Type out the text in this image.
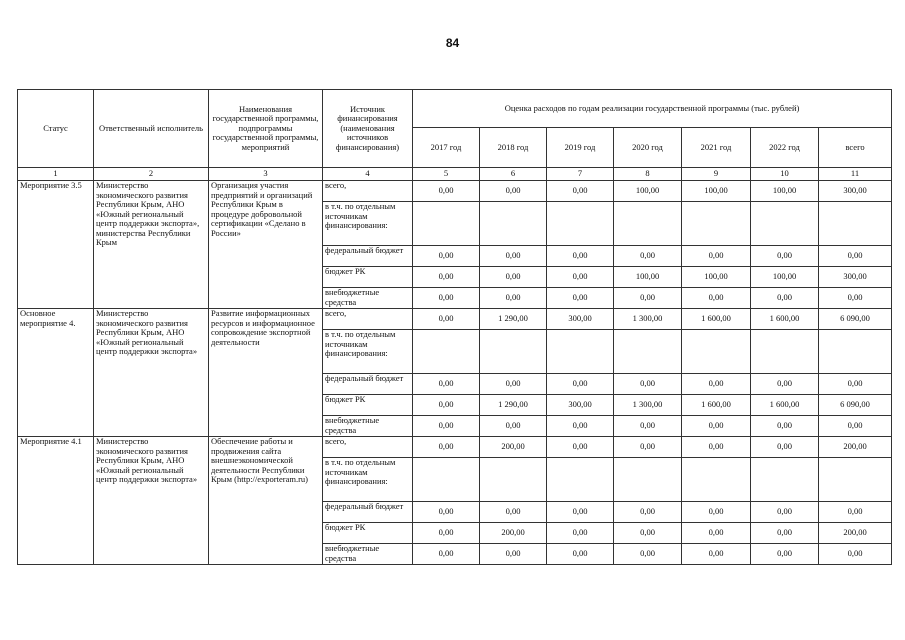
84
Статус	Ответственный исполнитель	Наименования государственной программы, подпрограммы государственной программы, мероприятий	Источник финансирования (наименования источников финансирования)	Оценка расходов по годам реализации государственной программы (тыс. рублей)						
				2017 год	2018 год	2019 год	2020 год	2021 год	2022 год	всего
1	2	3	4	5	6	7	8	9	10	11
Мероприятие 3.5	Министерство экономического развития Республики Крым, АНО «Южный региональный центр поддержки экспорта», министерства Республики Крым	Организация участия предприятий и организаций Республики Крым в процедуре добровольной сертификации «Сделано в России»	всего,	0,00	0,00	0,00	100,00	100,00	100,00	300,00
			в т.ч. по отдельным источникам финансирования:							
			федеральный бюджет	0,00	0,00	0,00	0,00	0,00	0,00	0,00
			бюджет РК	0,00	0,00	0,00	100,00	100,00	100,00	300,00
			внебюджетные средства	0,00	0,00	0,00	0,00	0,00	0,00	0,00
Основное мероприятие 4.	Министерство экономического развития Республики Крым, АНО «Южный региональный центр поддержки экспорта»	Развитие информационных ресурсов и информационное сопровождение экспортной деятельности	всего,	0,00	1 290,00	300,00	1 300,00	1 600,00	1 600,00	6 090,00
			в т.ч. по отдельным источникам финансирования:							
			федеральный бюджет	0,00	0,00	0,00	0,00	0,00	0,00	0,00
			бюджет РК	0,00	1 290,00	300,00	1 300,00	1 600,00	1 600,00	6 090,00
			внебюджетные средства	0,00	0,00	0,00	0,00	0,00	0,00	0,00
Мероприятие 4.1	Министерство экономического развития Республики Крым, АНО «Южный региональный центр поддержки экспорта»	Обеспечение работы и продвижения сайта внешнеэкономической деятельности Республики Крым (http://exporteram.ru)	всего,	0,00	200,00	0,00	0,00	0,00	0,00	200,00
			в т.ч. по отдельным источникам финансирования:							
			федеральный бюджет	0,00	0,00	0,00	0,00	0,00	0,00	0,00
			бюджет РК	0,00	200,00	0,00	0,00	0,00	0,00	200,00
			внебюджетные средства	0,00	0,00	0,00	0,00	0,00	0,00	0,00
